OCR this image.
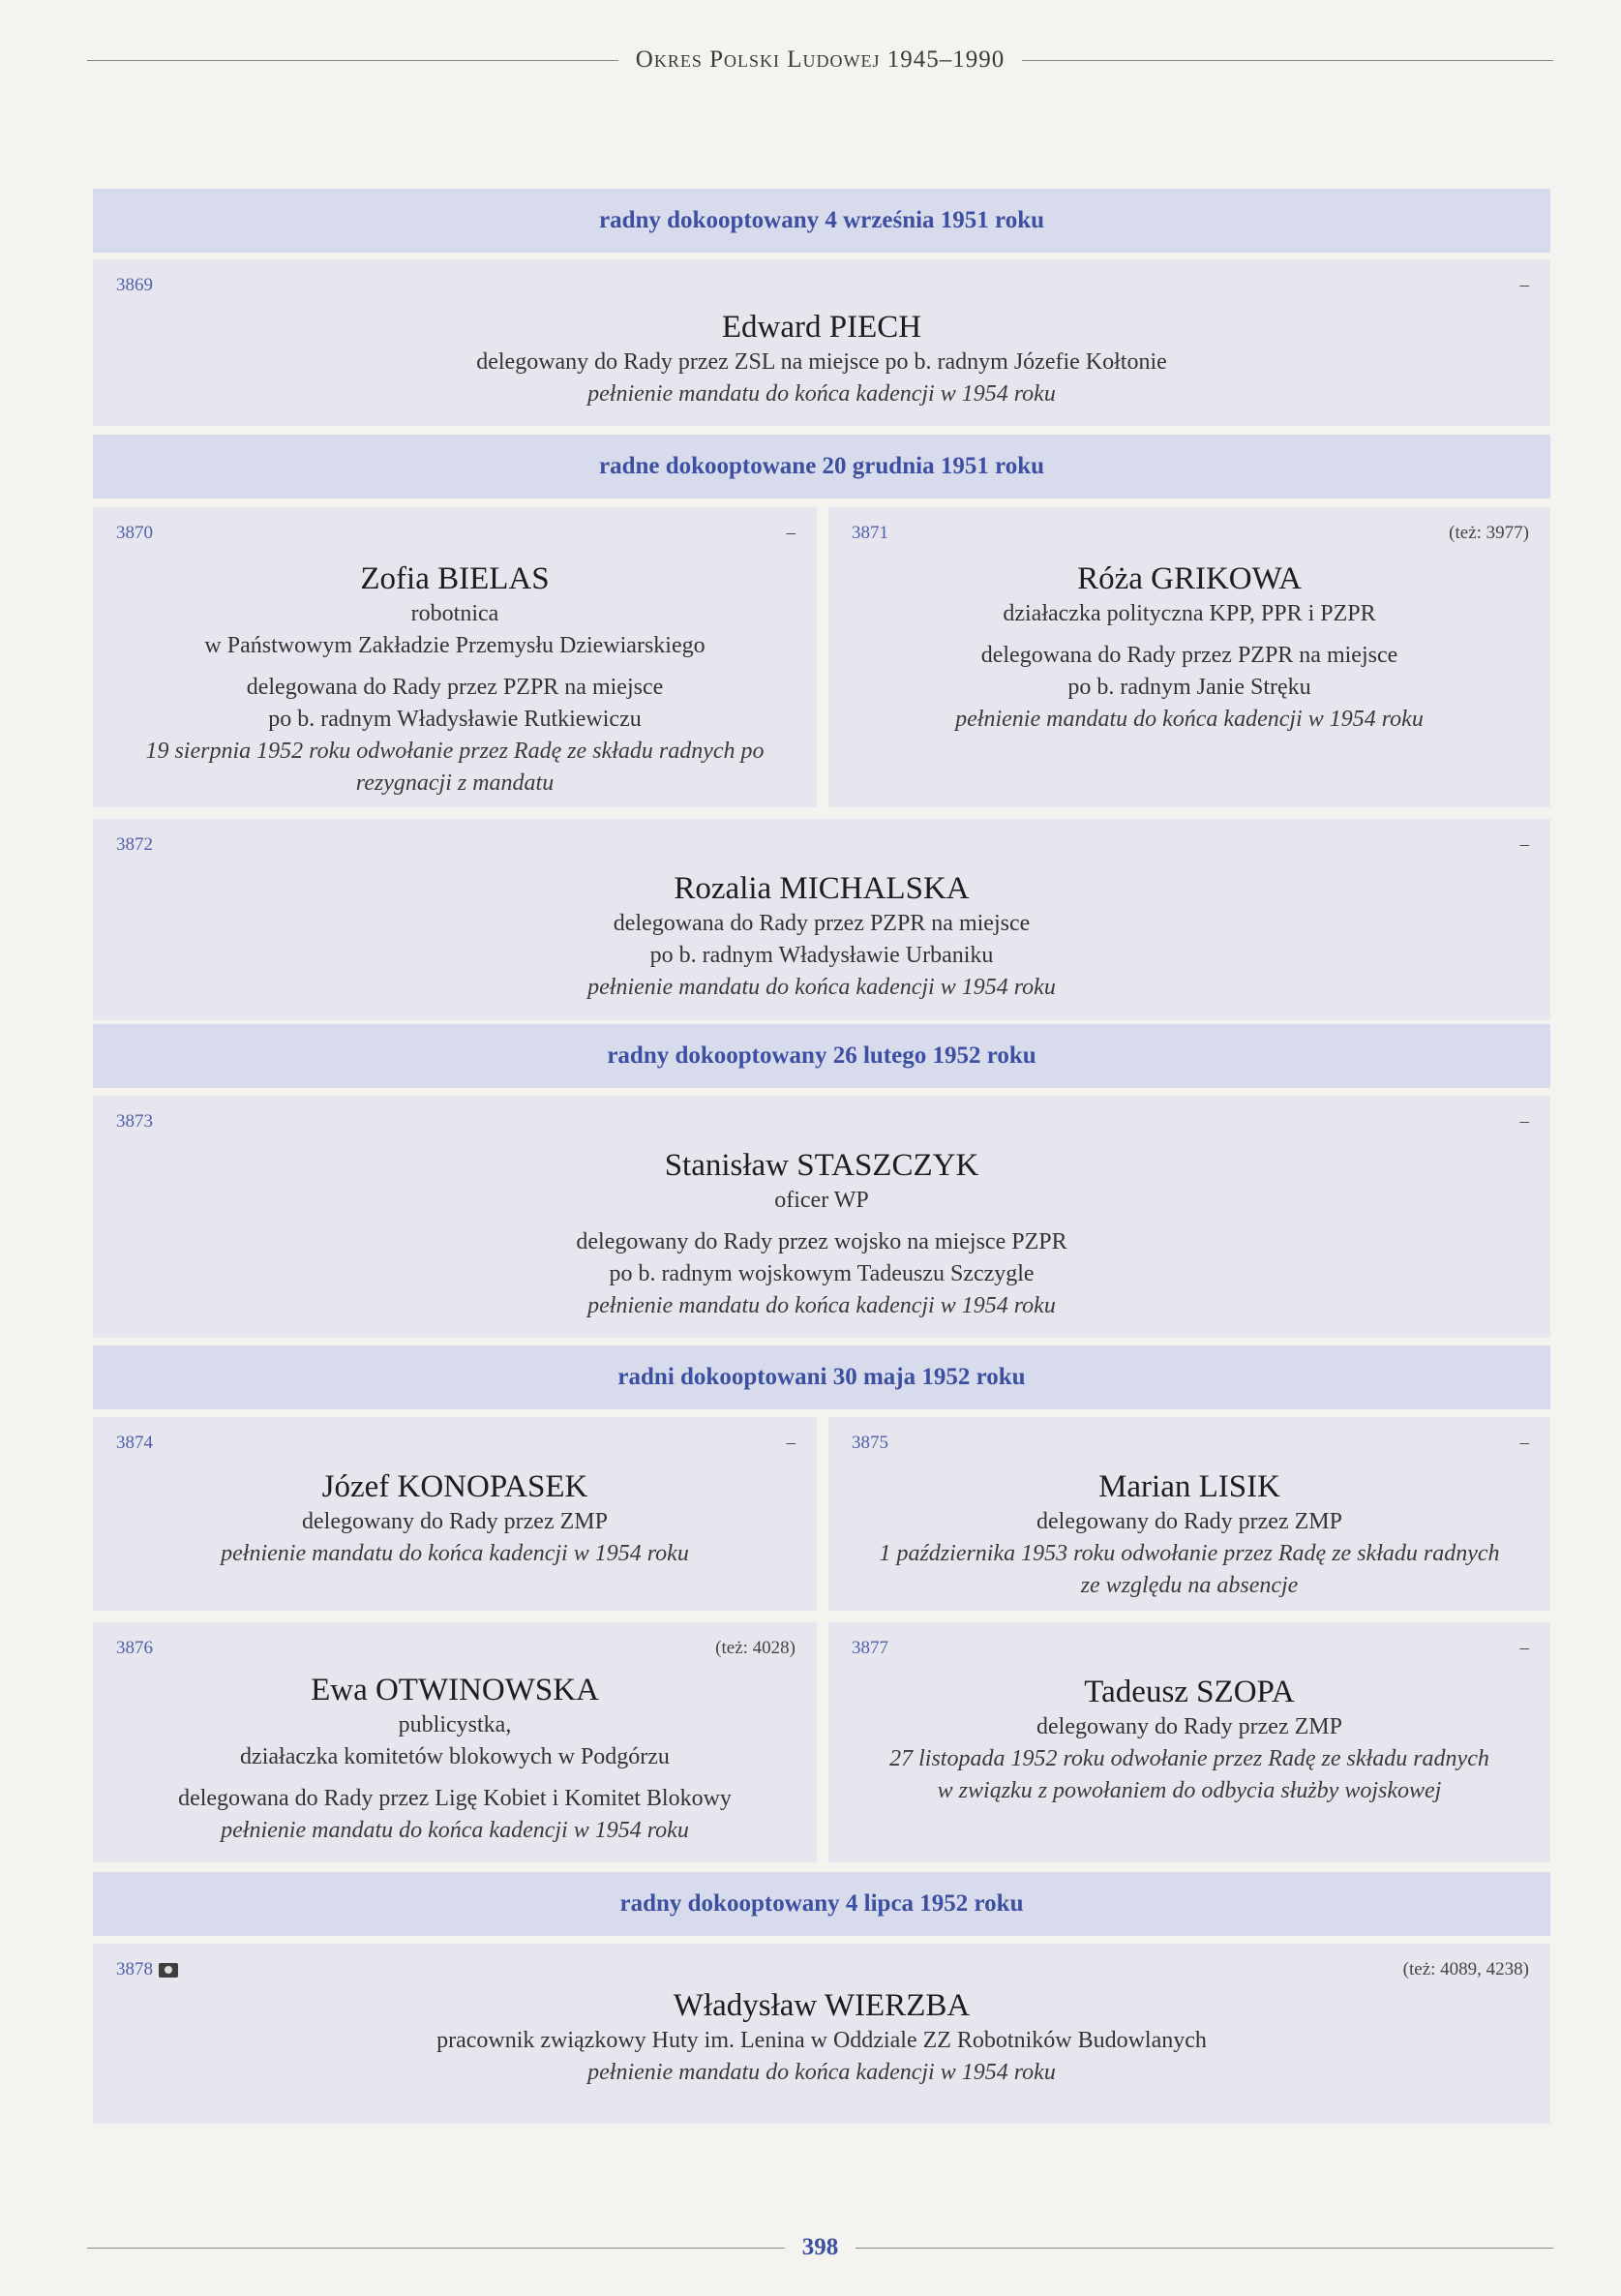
Okres Polski Ludowej 1945–1990
radny dokooptowany 4 września 1951 roku
3869	–
Edward PIECH
delegowany do Rady przez ZSL na miejsce po b. radnym Józefie Kołtonie
pełnienie mandatu do końca kadencji w 1954 roku
radne dokooptowane 20 grudnia 1951 roku
3870	–
Zofia BIELAS
robotnica
w Państwowym Zakładzie Przemysłu Dziewiarskiego
delegowana do Rady przez PZPR na miejsce
po b. radnym Władysławie Rutkiewiczu
19 sierpnia 1952 roku odwołanie przez Radę ze składu radnych po
rezygnacji z mandatu
3871	(też: 3977)
Róża GRIKOWA
działaczka polityczna KPP, PPR i PZPR
delegowana do Rady przez PZPR na miejsce
po b. radnym Janie Stręku
pełnienie mandatu do końca kadencji w 1954 roku
3872	–
Rozalia MICHALSKA
delegowana do Rady przez PZPR na miejsce
po b. radnym Władysławie Urbaniku
pełnienie mandatu do końca kadencji w 1954 roku
radny dokooptowany 26 lutego 1952 roku
3873	–
Stanisław STASZCZYK
oficer WP
delegowany do Rady przez wojsko na miejsce PZPR
po b. radnym wojskowym Tadeuszu Szczygle
pełnienie mandatu do końca kadencji w 1954 roku
radni dokooptowani 30 maja 1952 roku
3874	–
Józef KONOPASEK
delegowany do Rady przez ZMP
pełnienie mandatu do końca kadencji w 1954 roku
3875	–
Marian LISIK
delegowany do Rady przez ZMP
1 października 1953 roku odwołanie przez Radę ze składu radnych
ze względu na absencje
3876	(też: 4028)
Ewa OTWINOWSKA
publicystka,
działaczka komitetów blokowych w Podgórzu
delegowana do Rady przez Ligę Kobiet i Komitet Blokowy
pełnienie mandatu do końca kadencji w 1954 roku
3877	–
Tadeusz SZOPA
delegowany do Rady przez ZMP
27 listopada 1952 roku odwołanie przez Radę ze składu radnych
w związku z powołaniem do odbycia służby wojskowej
radny dokooptowany 4 lipca 1952 roku
3878	(też: 4089, 4238)
Władysław WIERZBA
pracownik związkowy Huty im. Lenina w Oddziale ZZ Robotników Budowlanych
pełnienie mandatu do końca kadencji w 1954 roku
398
